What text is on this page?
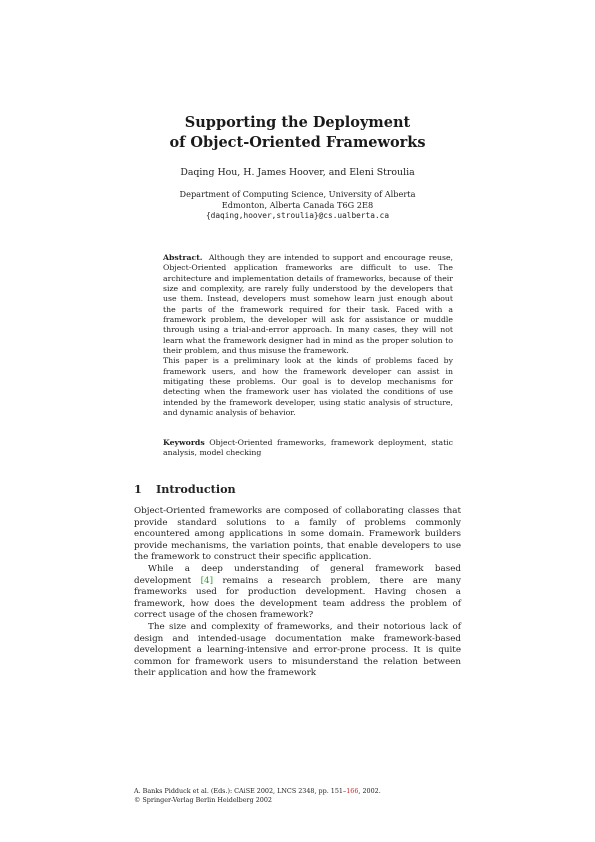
Supporting the Deployment
of Object-Oriented Frameworks
Daqing Hou, H. James Hoover, and Eleni Stroulia
Department of Computing Science, University of Alberta
Edmonton, Alberta Canada T6G 2E8
{daqing,hoover,stroulia}@cs.ualberta.ca

Abstract. Although they are intended to support and encourage reuse, Object-Oriented application frameworks are difficult to use. The architecture and implementation details of frameworks, because of their size and complexity, are rarely fully understood by the developers that use them. Instead, developers must somehow learn just enough about the parts of the framework required for their task. Faced with a framework problem, the developer will ask for assistance or muddle through using a trial-and-error approach. In many cases, they will not learn what the framework designer had in mind as the proper solution to their problem, and thus misuse the framework.

This paper is a preliminary look at the kinds of problems faced by framework users, and how the framework developer can assist in mitigating these problems. Our goal is to develop mechanisms for detecting when the framework user has violated the conditions of use intended by the framework developer, using static analysis of structure, and dynamic analysis of behavior.

Keywords Object-Oriented frameworks, framework deployment, static analysis, model checking
1 Introduction

Object-Oriented frameworks are composed of collaborating classes that provide standard solutions to a family of problems commonly encountered among applications in some domain. Framework builders provide mechanisms, the variation points, that enable developers to use the framework to construct their specific application.

While a deep understanding of general framework based development [4] remains a research problem, there are many frameworks used for production development. Having chosen a framework, how does the development team address the problem of correct usage of the chosen framework?

The size and complexity of frameworks, and their notorious lack of design and intended-usage documentation make framework-based development a learning-intensive and error-prone process. It is quite common for framework users to misunderstand the relation between their application and how the framework

A. Banks Pidduck et al. (Eds.): CAiSE 2002, LNCS 2348, pp. 151–166, 2002.
© Springer-Verlag Berlin Heidelberg 2002
